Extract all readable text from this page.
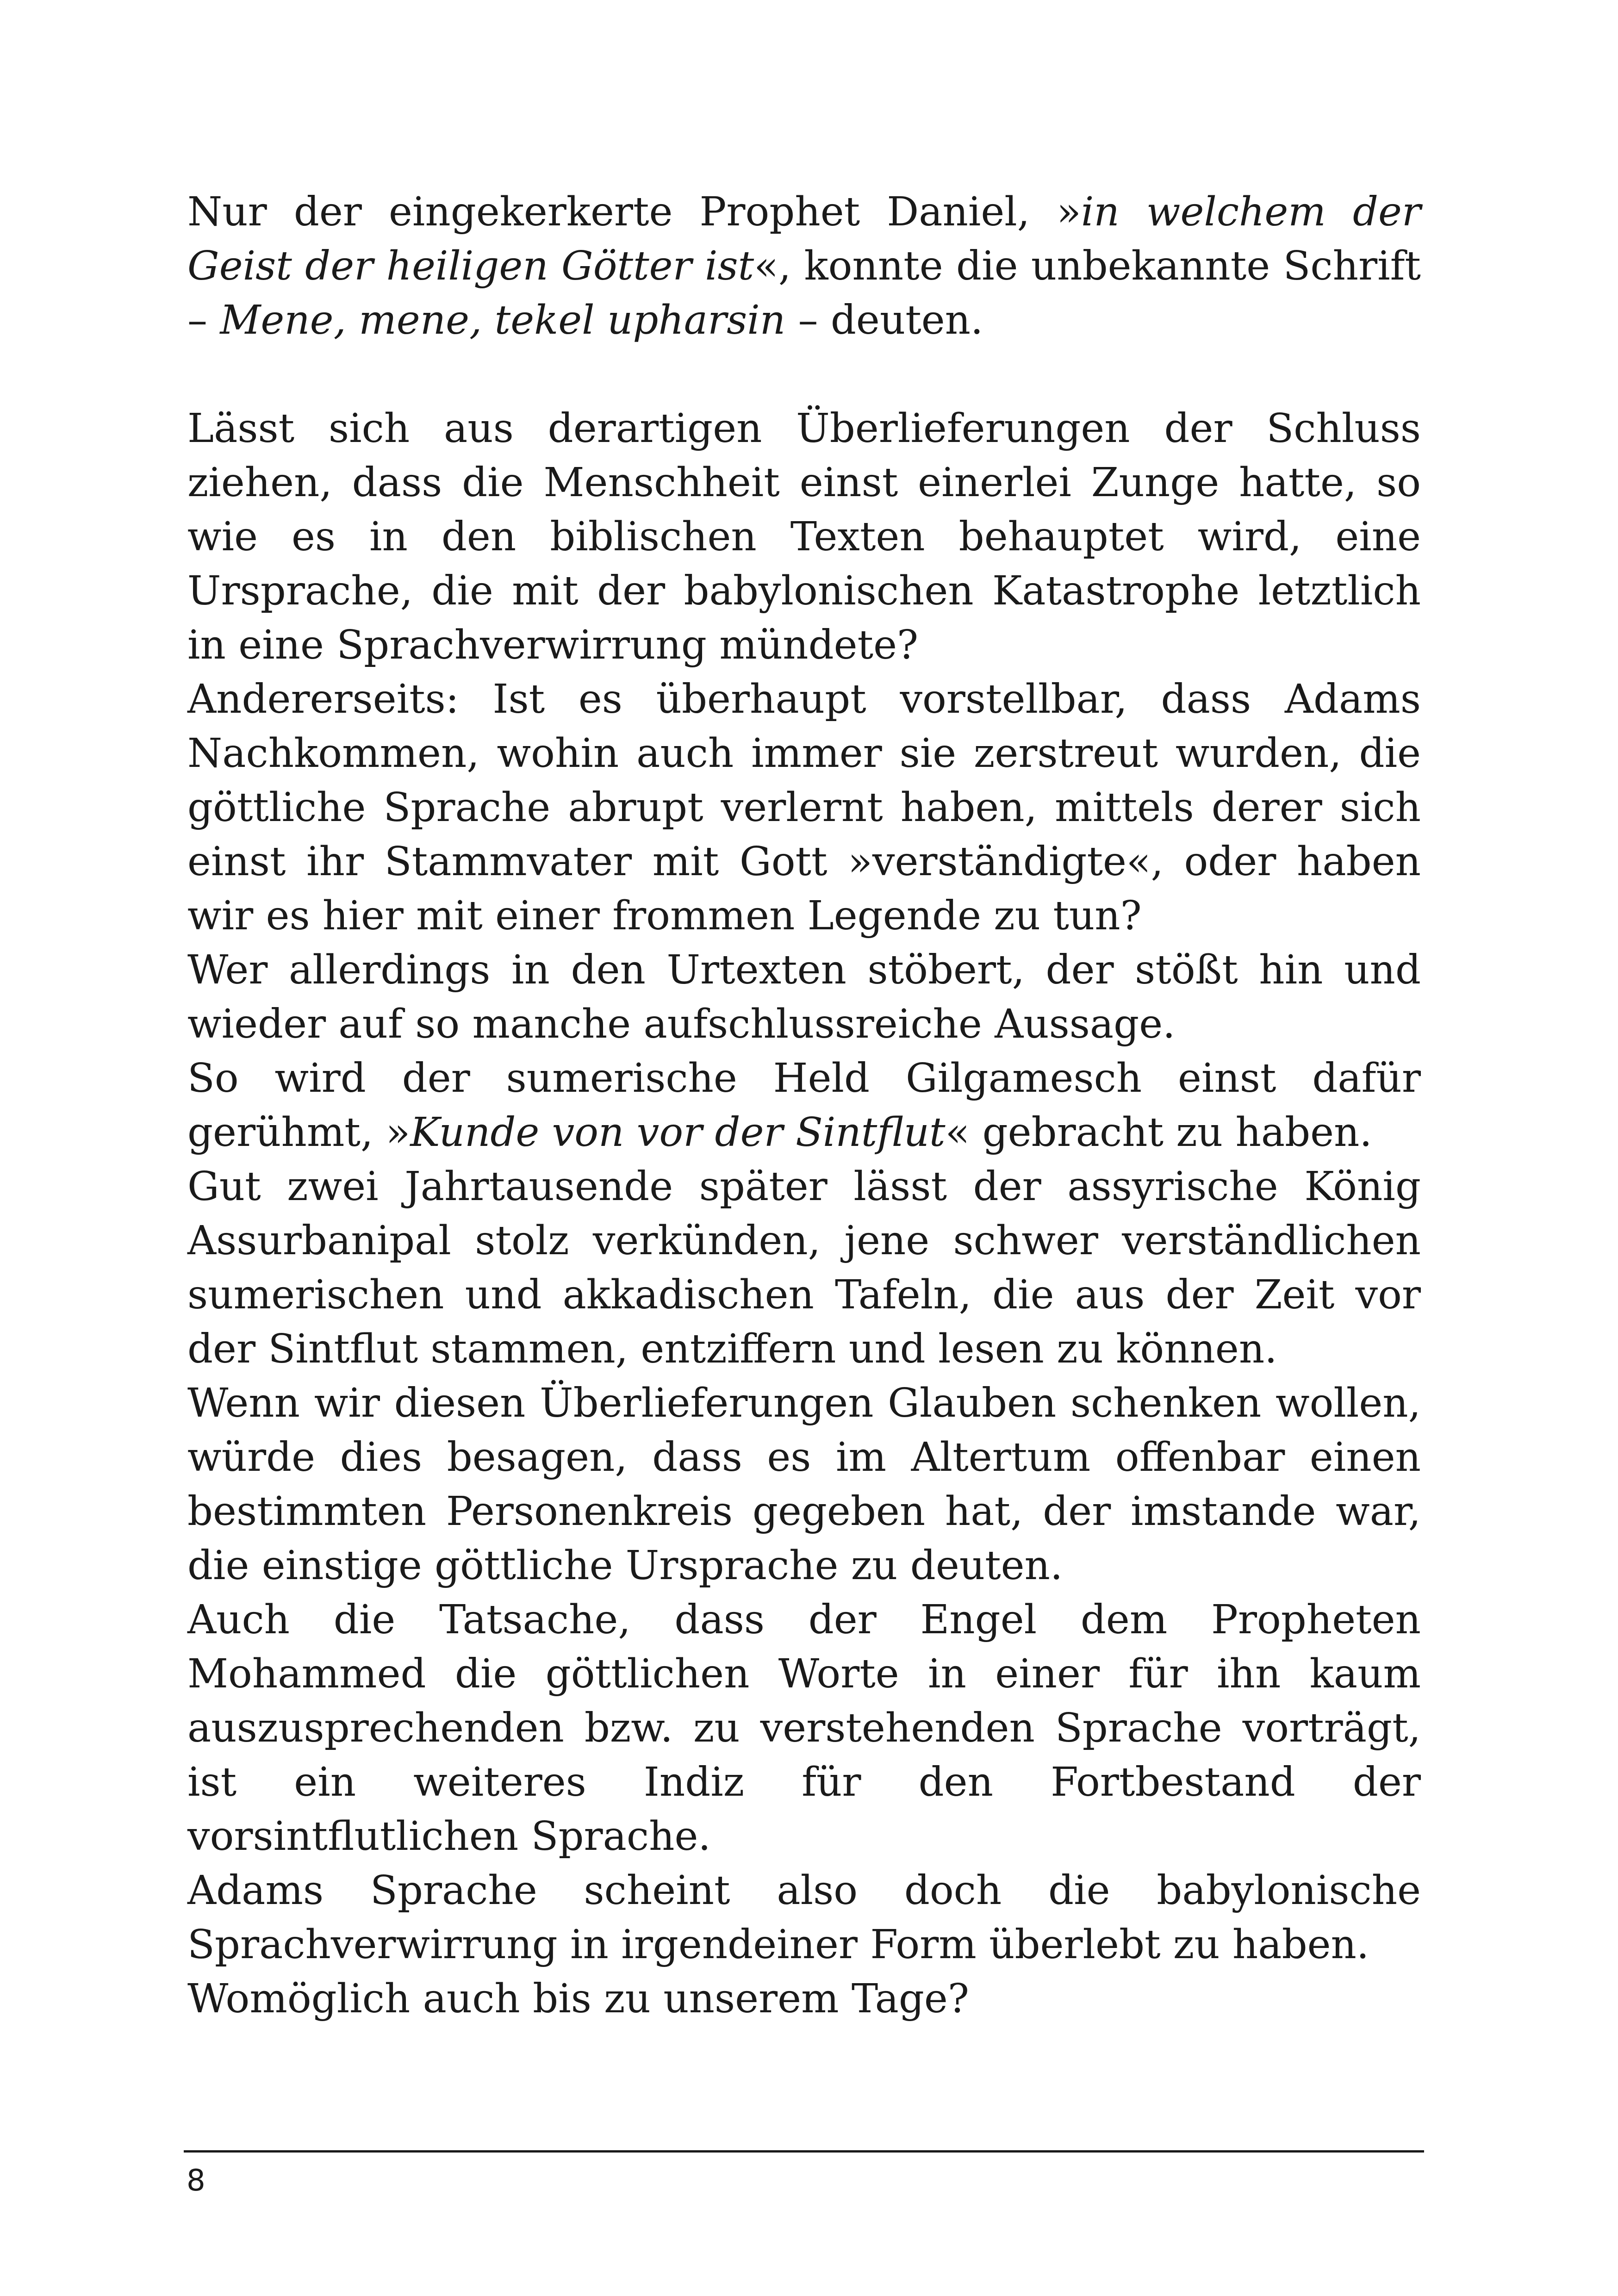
Nur der eingekerkerte Prophet Daniel, »in welchem der Geist der heiligen Götter ist«, konnte die unbekannte Schrift – Mene, mene, tekel upharsin – deuten.

Lässt sich aus derartigen Überlieferungen der Schluss ziehen, dass die Menschheit einst einerlei Zunge hatte, so wie es in den biblischen Texten behauptet wird, eine Ursprache, die mit der babylonischen Katastrophe letztlich in eine Sprachverwirrung mündete?

Andererseits: Ist es überhaupt vorstellbar, dass Adams Nachkommen, wohin auch immer sie zerstreut wurden, die göttliche Sprache abrupt verlernt haben, mittels derer sich einst ihr Stammvater mit Gott »verständigte«, oder haben wir es hier mit einer frommen Legende zu tun?

Wer allerdings in den Urtexten stöbert, der stößt hin und wieder auf so manche aufschlussreiche Aussage.

So wird der sumerische Held Gilgamesch einst dafür gerühmt, »Kunde von vor der Sintflut« gebracht zu haben.

Gut zwei Jahrtausende später lässt der assyrische König Assurbanipal stolz verkünden, jene schwer verständlichen sumerischen und akkadischen Tafeln, die aus der Zeit vor der Sintflut stammen, entziffern und lesen zu können.

Wenn wir diesen Überlieferungen Glauben schenken wollen, würde dies besagen, dass es im Altertum offenbar einen bestimmten Personenkreis gegeben hat, der imstande war, die einstige göttliche Ursprache zu deuten.

Auch die Tatsache, dass der Engel dem Propheten Mohammed die göttlichen Worte in einer für ihn kaum auszusprechenden bzw. zu verstehenden Sprache vorträgt, ist ein weiteres Indiz für den Fortbestand der vorsintflutlichen Sprache.

Adams Sprache scheint also doch die babylonische Sprachverwirrung in irgendeiner Form überlebt zu haben.

Womöglich auch bis zu unserem Tage?

8
